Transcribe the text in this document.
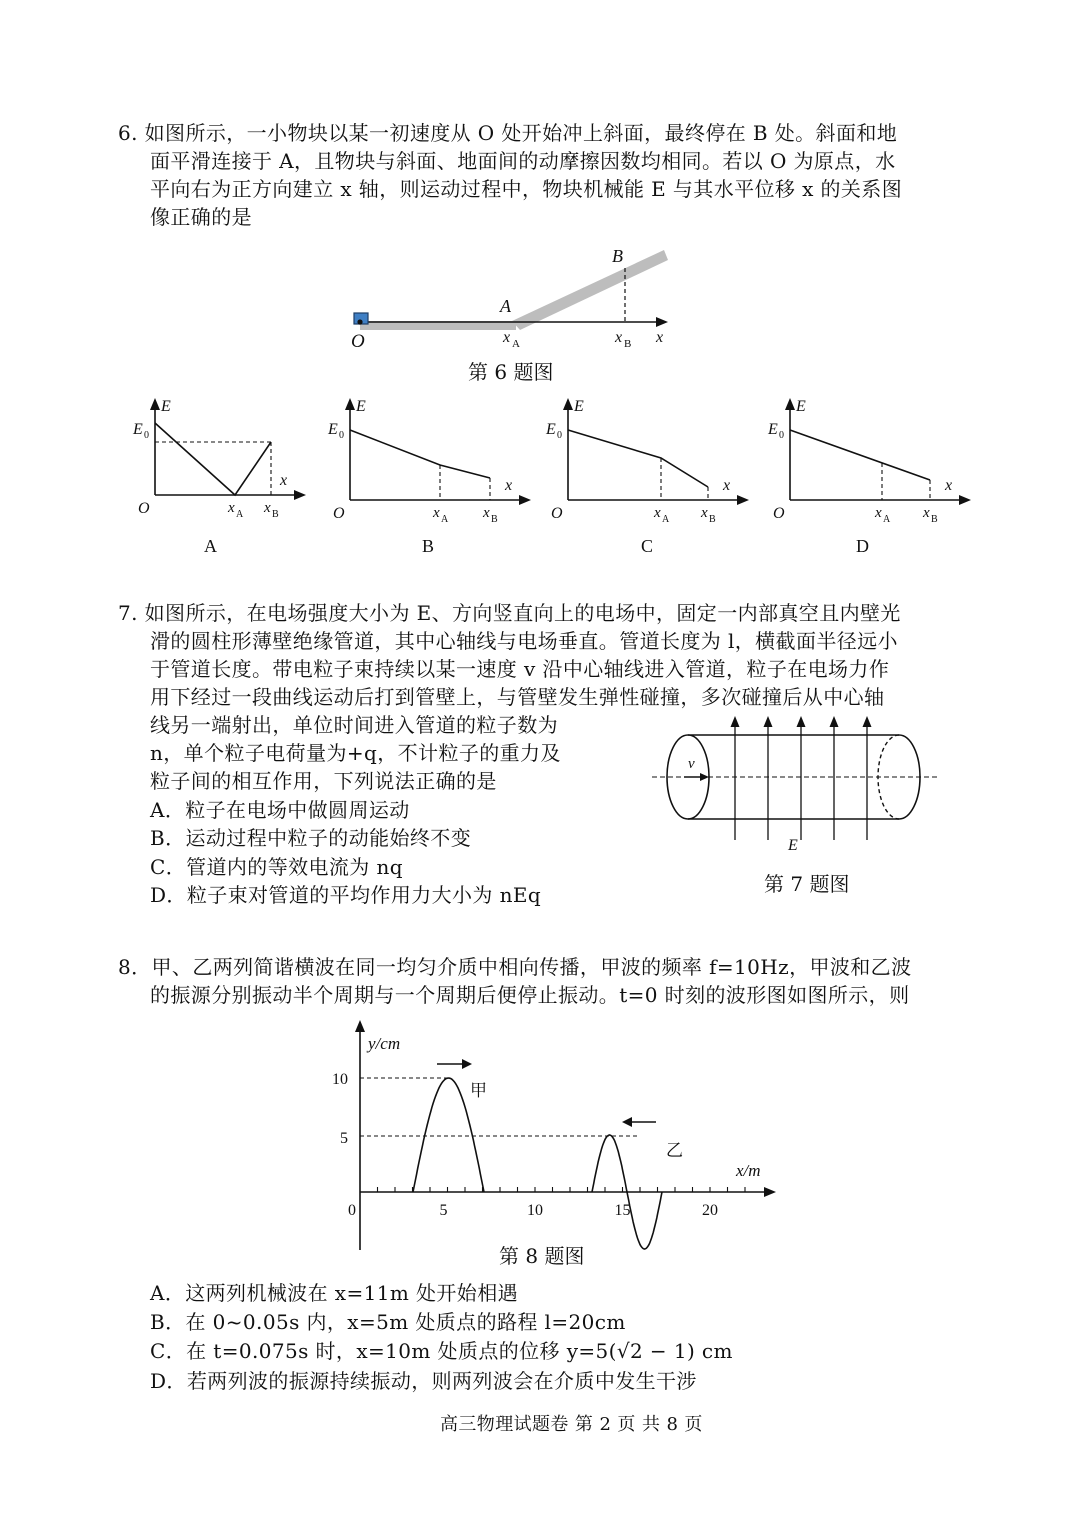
6. 如图所示，一小物块以某一初速度从 O 处开始冲上斜面，最终停在 B 处。斜面和地
面平滑连接于 A，且物块与斜面、地面间的动摩擦因数均相同。若以 O 为原点，水
平向右为正方向建立 x 轴，则运动过程中，物块机械能 E 与其水平位移 x 的关系图
像正确的是
B
A
O	x A	x B x
第 6 题图
E
E 0
O
x
x A x B
A
E
E 0
O
x
x A x B
B
E
E 0
O
x
x A x B
C
E
E 0
O
x
x A x B
D
7. 如图所示，在电场强度大小为 E、方向竖直向上的电场中，固定一内部真空且内壁光
滑的圆柱形薄壁绝缘管道，其中心轴线与电场垂直。管道长度为 l，横截面半径远小
于管道长度。带电粒子束持续以某一速度 v 沿中心轴线进入管道，粒子在电场力作
用下经过一段曲线运动后打到管壁上，与管壁发生弹性碰撞，多次碰撞后从中心轴
线另一端射出，单位时间进入管道的粒子数为
n，单个粒子电荷量为+q，不计粒子的重力及
粒子间的相互作用，下列说法正确的是
A．粒子在电场中做圆周运动
B．运动过程中粒子的动能始终不变
C．管道内的等效电流为 nq
D．粒子束对管道的平均作用力大小为 nEq
v
E
第 7 题图
8．甲、乙两列简谐横波在同一均匀介质中相向传播，甲波的频率 f=10Hz，甲波和乙波
的振源分别振动半个周期与一个周期后便停止振动。t=0 时刻的波形图如图所示，则
0	5	10	15	20
y/cm
x/m
10
5
甲
乙
第 8 题图
A．这两列机械波在 x=11m 处开始相遇
B．在 0~0.05s 内，x=5m 处质点的路程 l=20cm
C．在 t=0.075s 时，x=10m 处质点的位移 y=5(√2 − 1) cm
D．若两列波的振源持续振动，则两列波会在介质中发生干涉
高三物理试题卷 第 2 页 共 8 页
